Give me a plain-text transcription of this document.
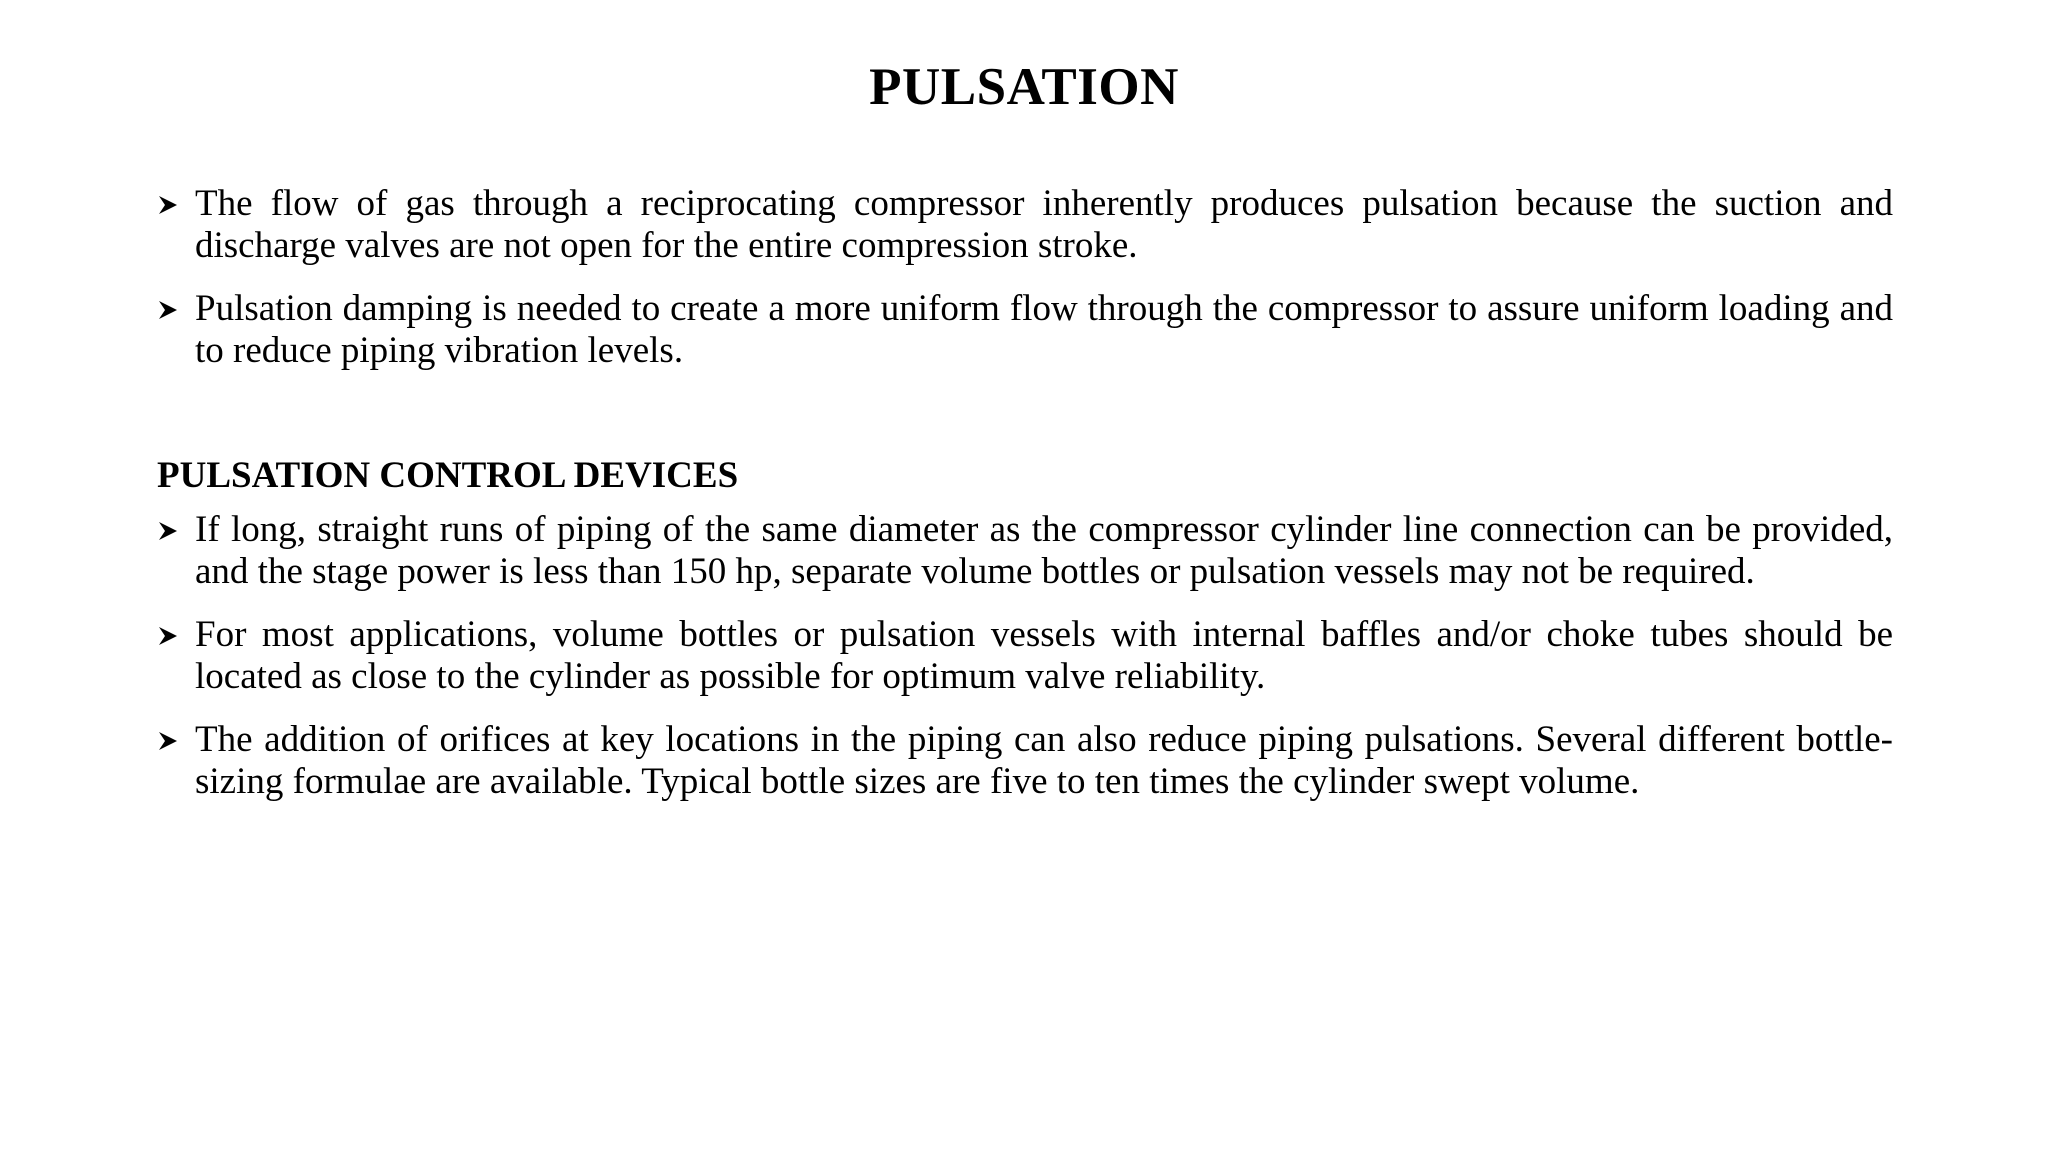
PULSATION
The flow of gas through a reciprocating compressor inherently produces pulsation because the suction and discharge valves are not open for the entire compression stroke.
Pulsation damping is needed to create a more uniform flow through the compressor to assure uniform loading and to reduce piping vibration levels.
PULSATION CONTROL DEVICES
If long, straight runs of piping of the same diameter as the compressor cylinder line connection can be provided, and the stage power is less than 150 hp, separate volume bottles or pulsation vessels may not be required.
For most applications, volume bottles or pulsation vessels with internal baffles and/or choke tubes should be located as close to the cylinder as possible for optimum valve reliability.
The addition of orifices at key locations in the piping can also reduce piping pulsations. Several different bottle-sizing formulae are available. Typical bottle sizes are five to ten times the cylinder swept volume.
